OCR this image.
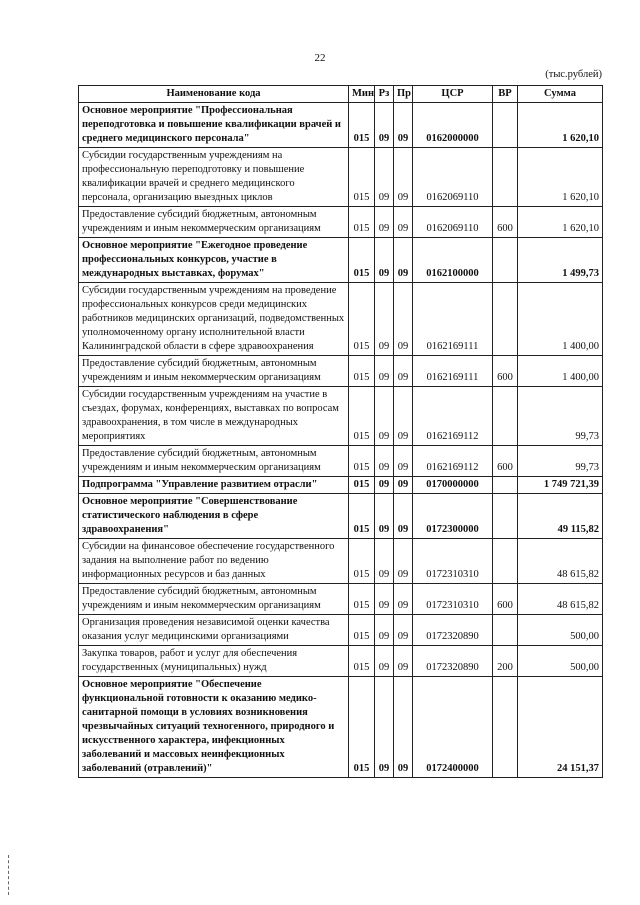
22
(тыс.рублей)
Наименование кода	Мин	Рз	Пр	ЦСР	ВР	Сумма
Основное мероприятие "Профессиональная переподготовка и повышение квалификации врачей и среднего медицинского персонала"	015	09	09	0162000000		1 620,10
Субсидии государственным учреждениям на профессиональную переподготовку и повышение квалификации врачей и среднего медицинского персонала, организацию выездных циклов	015	09	09	0162069110		1 620,10
Предоставление субсидий бюджетным, автономным учреждениям и иным некоммерческим организациям	015	09	09	0162069110	600	1 620,10
Основное мероприятие "Ежегодное проведение профессиональных конкурсов, участие в международных выставках, форумах"	015	09	09	0162100000		1 499,73
Субсидии государственным учреждениям на проведение профессиональных конкурсов среди медицинских работников медицинских организаций, подведомственных уполномоченному органу исполнительной власти Калининградской области в сфере здравоохранения	015	09	09	0162169111		1 400,00
Предоставление субсидий бюджетным, автономным учреждениям и иным некоммерческим организациям	015	09	09	0162169111	600	1 400,00
Субсидии государственным учреждениям на участие в съездах, форумах, конференциях, выставках по вопросам здравоохранения, в том числе в международных мероприятиях	015	09	09	0162169112		99,73
Предоставление субсидий бюджетным, автономным учреждениям и иным некоммерческим организациям	015	09	09	0162169112	600	99,73
Подпрограмма "Управление развитием отрасли"	015	09	09	0170000000		1 749 721,39
Основное мероприятие "Совершенствование статистического наблюдения в сфере здравоохранения"	015	09	09	0172300000		49 115,82
Субсидии на финансовое обеспечение государственного задания на выполнение работ по ведению информационных ресурсов и баз данных	015	09	09	0172310310		48 615,82
Предоставление субсидий бюджетным, автономным учреждениям и иным некоммерческим организациям	015	09	09	0172310310	600	48 615,82
Организация проведения независимой оценки качества оказания услуг медицинскими организациями	015	09	09	0172320890		500,00
Закупка товаров, работ и услуг для обеспечения государственных (муниципальных) нужд	015	09	09	0172320890	200	500,00
Основное мероприятие "Обеспечение функциональной готовности к оказанию медико-санитарной помощи в условиях возникновения чрезвычайных ситуаций техногенного, природного и искусственного характера, инфекционных заболеваний и массовых неинфекционных заболеваний (отравлений)"	015	09	09	0172400000		24 151,37
